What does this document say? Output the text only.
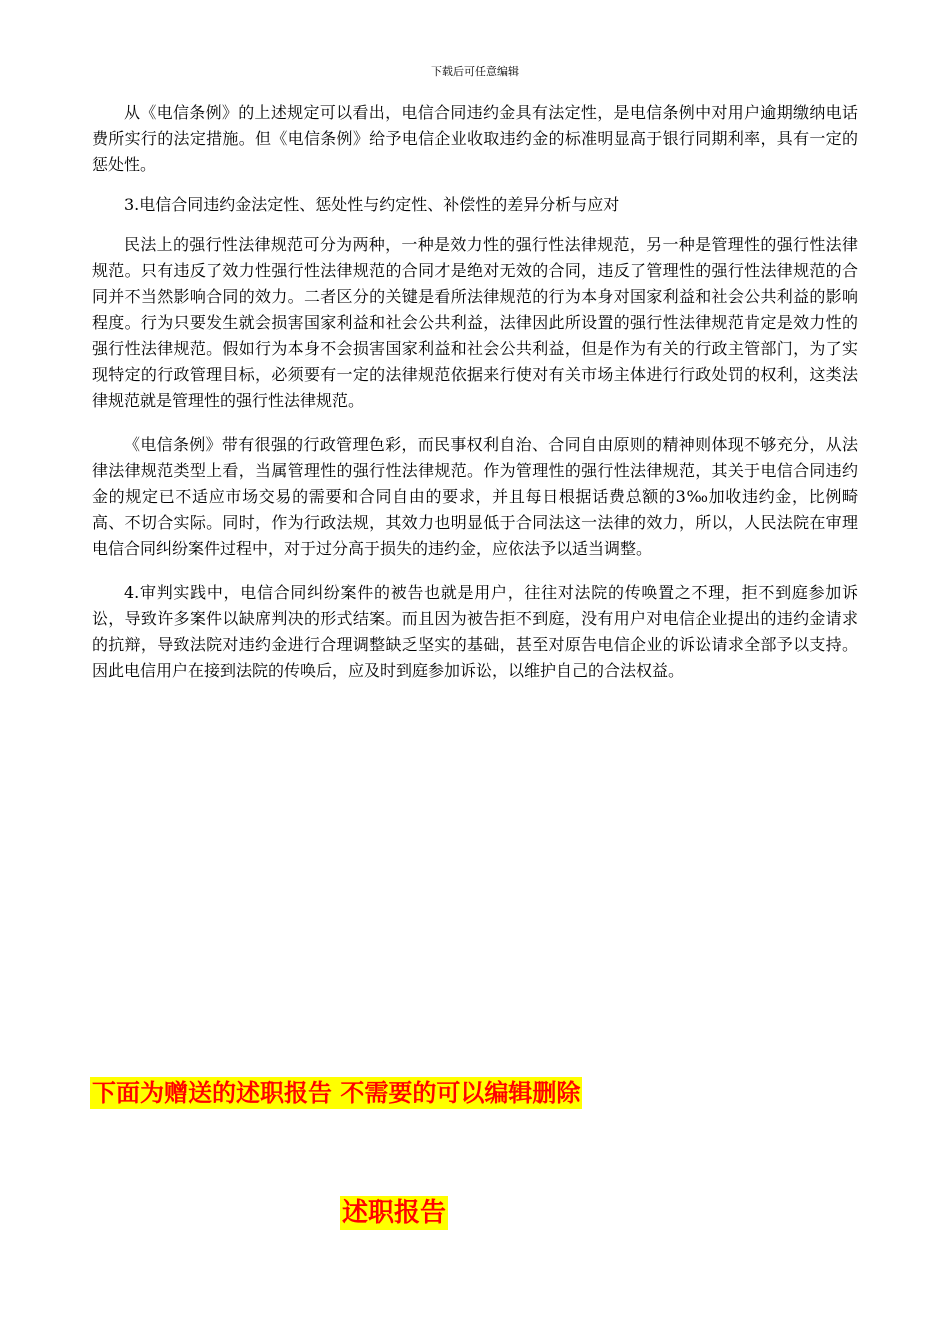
下载后可任意编辑

从《电信条例》的上述规定可以看出，电信合同违约金具有法定性，是电信条例中对用户逾期缴纳电话费所实行的法定措施。但《电信条例》给予电信企业收取违约金的标准明显高于银行同期利率，具有一定的惩处性。

3.电信合同违约金法定性、惩处性与约定性、补偿性的差异分析与应对

民法上的强行性法律规范可分为两种，一种是效力性的强行性法律规范，另一种是管理性的强行性法律规范。只有违反了效力性强行性法律规范的合同才是绝对无效的合同，违反了管理性的强行性法律规范的合同并不当然影响合同的效力。二者区分的关键是看所法律规范的行为本身对国家利益和社会公共利益的影响程度。行为只要发生就会损害国家利益和社会公共利益，法律因此所设置的强行性法律规范肯定是效力性的强行性法律规范。假如行为本身不会损害国家利益和社会公共利益，但是作为有关的行政主管部门，为了实现特定的行政管理目标，必须要有一定的法律规范依据来行使对有关市场主体进行行政处罚的权利，这类法律规范就是管理性的强行性法律规范。

《电信条例》带有很强的行政管理色彩，而民事权利自治、合同自由原则的精神则体现不够充分，从法律法律规范类型上看，当属管理性的强行性法律规范。作为管理性的强行性法律规范，其关于电信合同违约金的规定已不适应市场交易的需要和合同自由的要求，并且每日根据话费总额的3‰加收违约金，比例畸高、不切合实际。同时，作为行政法规，其效力也明显低于合同法这一法律的效力，所以，人民法院在审理电信合同纠纷案件过程中，对于过分高于损失的违约金，应依法予以适当调整。

4.审判实践中，电信合同纠纷案件的被告也就是用户，往往对法院的传唤置之不理，拒不到庭参加诉讼，导致许多案件以缺席判决的形式结案。而且因为被告拒不到庭，没有用户对电信企业提出的违约金请求的抗辩，导致法院对违约金进行合理调整缺乏坚实的基础，甚至对原告电信企业的诉讼请求全部予以支持。因此电信用户在接到法院的传唤后，应及时到庭参加诉讼，以维护自己的合法权益。

下面为赠送的述职报告 不需要的可以编辑删除
述职报告
